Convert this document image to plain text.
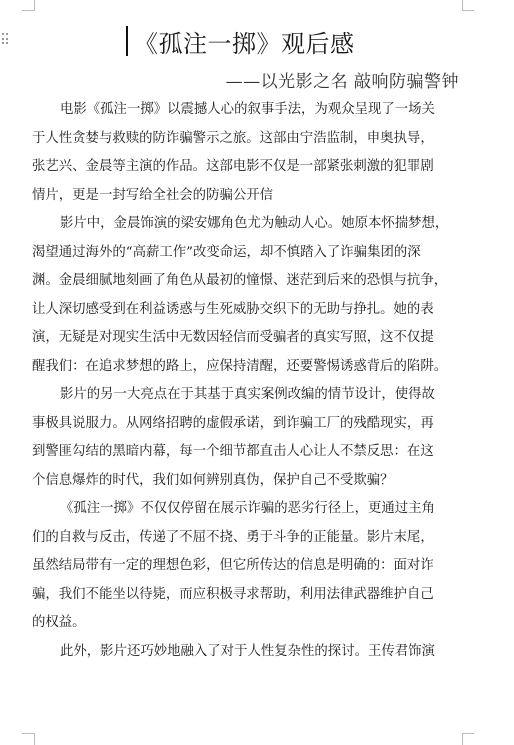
《孤注一掷》观后感
——以光影之名 敲响防骗警钟
电影《孤注一掷》以震撼人心的叙事手法，为观众呈现了一场关
于人性贪婪与救赎的防诈骗警示之旅。这部由宁浩监制，申奥执导，
张艺兴、金晨等主演的作品。这部电影不仅是一部紧张刺激的犯罪剧
情片，更是一封写给全社会的防骗公开信
影片中，金晨饰演的梁安娜角色尤为触动人心。她原本怀揣梦想，
渴望通过海外的“高薪工作”改变命运，却不慎踏入了诈骗集团的深
渊。金晨细腻地刻画了角色从最初的憧憬、迷茫到后来的恐惧与抗争，
让人深切感受到在利益诱惑与生死威胁交织下的无助与挣扎。她的表
演，无疑是对现实生活中无数因轻信而受骗者的真实写照，这不仅提
醒我们：在追求梦想的路上，应保持清醒，还要警惕诱惑背后的陷阱。
影片的另一大亮点在于其基于真实案例改编的情节设计，使得故
事极具说服力。从网络招聘的虚假承诺，到诈骗工厂的残酷现实，再
到警匪勾结的黑暗内幕，每一个细节都直击人心让人不禁反思：在这
个信息爆炸的时代，我们如何辨别真伪，保护自己不受欺骗？
《孤注一掷》不仅仅停留在展示诈骗的恶劣行径上，更通过主角
们的自救与反击，传递了不屈不挠、勇于斗争的正能量。影片末尾，
虽然结局带有一定的理想色彩，但它所传达的信息是明确的：面对诈
骗，我们不能坐以待毙，而应积极寻求帮助，利用法律武器维护自己
的权益。
此外，影片还巧妙地融入了对于人性复杂性的探讨。王传君饰演
